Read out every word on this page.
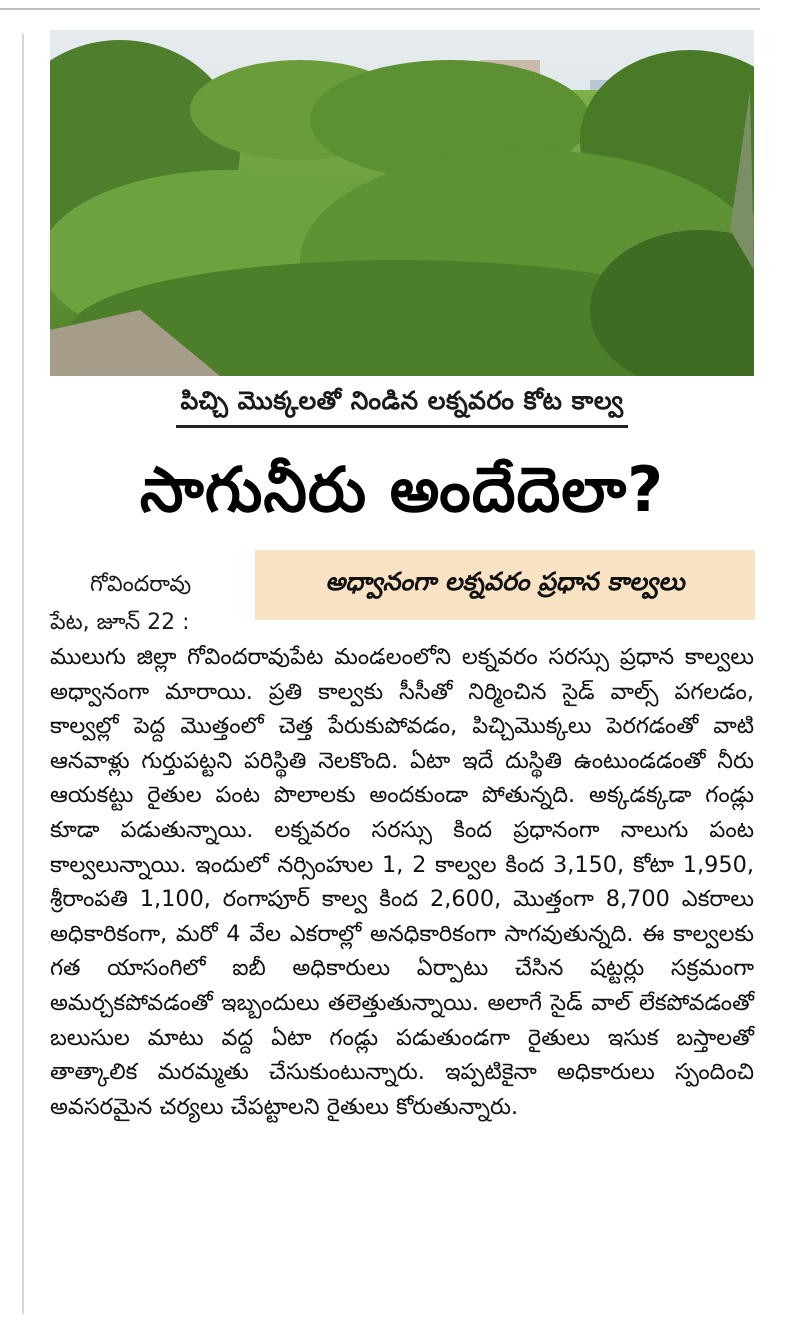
పిచ్చి మొక్కలతో నిండిన లక్నవరం కోట కాల్వ
సాగునీరు అందేదెలా?
గోవిందరావు
పేట, జూన్ 22 :
అధ్వానంగా లక్నవరం ప్రధాన కాల్వలు
ములుగు జిల్లా గోవిందరావుపేట మండలంలోని లక్నవరం సరస్సు ప్రధాన కాల్వలు అధ్వానంగా మారాయి. ప్రతి కాల్వకు సీసీతో నిర్మించిన సైడ్ వాల్స్ పగలడం, కాల్వల్లో పెద్ద మొత్తంలో చెత్త పేరుకుపోవడం, పిచ్చిమొక్కలు పెరగడంతో వాటి ఆనవాళ్లు గుర్తుపట్టని పరిస్థితి నెలకొంది. ఏటా ఇదే దుస్థితి ఉంటుండడంతో నీరు ఆయకట్టు రైతుల పంట పొలాలకు అందకుండా పోతున్నది. అక్కడక్కడా గండ్లు కూడా పడుతున్నాయి. లక్నవరం సరస్సు కింద ప్రధానంగా నాలుగు పంట కాల్వలున్నాయి. ఇందులో నర్సింహుల 1, 2 కాల్వల కింద 3,150, కోటా 1,950, శ్రీరాంపతి 1,100, రంగాపూర్ కాల్వ కింద 2,600, మొత్తంగా 8,700 ఎకరాలు అధికారికంగా, మరో 4 వేల ఎకరాల్లో అనధికారికంగా సాగవుతున్నది. ఈ కాల్వలకు గత యాసంగిలో ఐబీ అధికారులు ఏర్పాటు చేసిన షట్టర్లు సక్రమంగా అమర్చకపోవడంతో ఇబ్బందులు తలెత్తుతున్నాయి. అలాగే సైడ్ వాల్ లేకపోవడంతో బలుసుల మాటు వద్ద ఏటా గండ్లు పడుతుండగా రైతులు ఇసుక బస్తాలతో తాత్కాలిక మరమ్మతు చేసుకుంటున్నారు. ఇప్పటికైనా అధికారులు స్పందించి అవసరమైన చర్యలు చేపట్టాలని రైతులు కోరుతున్నారు.
